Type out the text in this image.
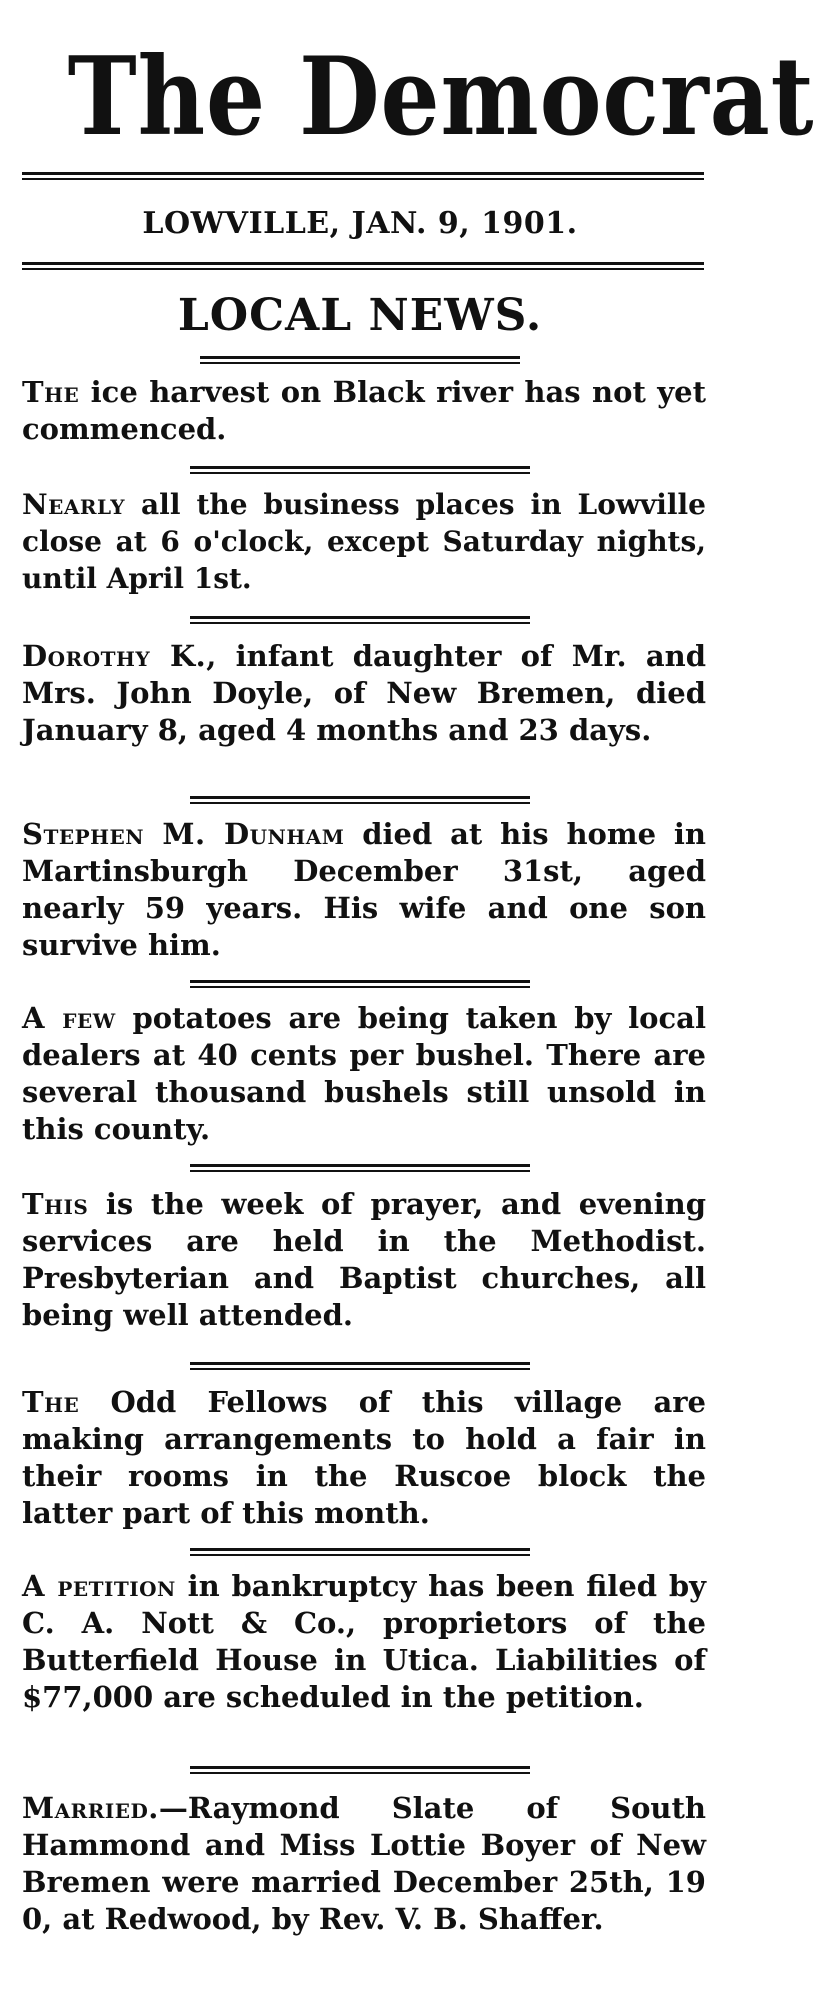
The Democrat
LOWVILLE, JAN. 9, 1901.
LOCAL NEWS.
The ice harvest on Black river has not yet commenced.
Nearly all the business places in Lowville close at 6 o'clock, except Saturday nights, until April 1st.
Dorothy K., infant daughter of Mr. and Mrs. John Doyle, of New Bremen, died January 8, aged 4 months and 23 days.
Stephen M. Dunham died at his home in Martinsburgh December 31st, aged nearly 59 years. His wife and one son survive him.
A few potatoes are being taken by local dealers at 40 cents per bushel. There are several thousand bushels still unsold in this county.
This is the week of prayer, and evening services are held in the Methodist. Presbyterian and Baptist churches, all being well attended.
The Odd Fellows of this village are making arrangements to hold a fair in their rooms in the Ruscoe block the latter part of this month.
A petition in bankruptcy has been filed by C. A. Nott & Co., proprietors of the Butterfield House in Utica. Liabilities of $77,000 are scheduled in the petition.
Married.—Raymond Slate of South Hammond and Miss Lottie Boyer of New Bremen were married December 25th, 19 0, at Redwood, by Rev. V. B. Shaffer.
